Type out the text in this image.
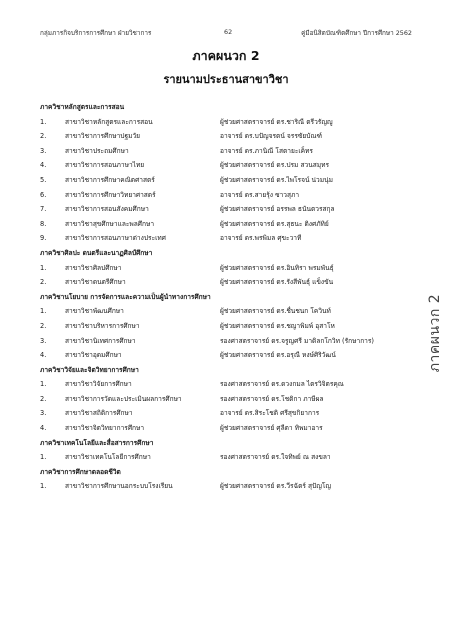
กลุ่มภารกิจบริการการศึกษา ฝ่ายวิชาการ	62	คู่มือนิสิตบัณฑิตศึกษา ปีการศึกษา 2562
ภาคผนวก 2
รายนามประธานสาขาวิชา
ภาควิชาหลักสูตรและการสอน
1.	สาขาวิชาหลักสูตรและการสอน	ผู้ช่วยศาสตราจารย์ ดร.ชาริณี ตรีวรัญญู
2.	สาขาวิชาการศึกษาปฐมวัย	อาจารย์ ดร.บปัญจรตน์ จรรซัยบัณฑ์
3.	สาขาวิชาประถมศึกษา	อาจารย์ ดร.ภานิณี โสตายะเค็ทร
4.	สาขาวิชาการสอนภาษาไทย	ผู้ช่วยศาสตราจารย์ ดร.ปรม สวนสมุทร
5.	สาขาวิชาการศึกษาคณิตศาสตร์	ผู้ช่วยศาสตราจารย์ ดร.ไพโรจน์ น่วมนุ่ม
6.	สาขาวิชาการศึกษาวิทยาศาสตร์	อาจารย์ ดร.สายรุ้ง ซาวสุภา
7.	สาขาวิชาการสอนสังคมศึกษา	ผู้ช่วยศาสตราจารย์ อรรพล ธนันตวรสกุล
8.	สาขาวิชาสุขศึกษาและพลศึกษา	ผู้ช่วยศาสตราจารย์ ดร.สุธนะ ติงศภัทิย์
9.	สาขาวิชาการสอนภาษาต่างประเทศ	อาจารย์ ดร.พรพิมล ศุขะวาที
ภาควิชาศิลปะ ดนตรีและนาฏศิลป์ศึกษา
1.	สาขาวิชาศิลปศึกษา	ผู้ช่วยศาสตราจารย์ ดร.อินทิรา พรมพันธุ์
2.	สาขาวิชาดนตรีศึกษา	ผู้ช่วยศาสตราจารย์ ดร.รังสีพันธุ์ แข็งขัน
ภาควิชานโยบาย การจัดการและความเป็นผู้นำทางการศึกษา
1.	สาขาวิชาพัฒนศึกษา	ผู้ช่วยศาสตราจารย์ ดร.ชื่นชนก โควินท์
2.	สาขาวิชาบริหารการศึกษา	ผู้ช่วยศาสตราจารย์ ดร.ชญาพิมพ์ อุสาโห
3.	สาขาวิชานิเทศการศึกษา	รองศาสตราจารย์ ดร.จรูญศรี มาดิลกโกวิท (รักษาการ)
4.	สาขาวิชาอุดมศึกษา	ผู้ช่วยศาสตราจารย์ ดร.อรุณี หงษ์ศิริวัฒน์
ภาควิชาวิจัยและจิตวิทยาการศึกษา
1.	สาขาวิชาวิจัยการศึกษา	รองศาสตราจารย์ ดร.ดวงกมล ไตรวิจิตรคุณ
2.	สาขาวิชาการวัดและประเมินผลการศึกษา	รองศาสตราจารย์ ดร.โชติกา ภาษีผล
3.	สาขาวิชาสถิติการศึกษา	อาจารย์ ดร.สิระโชติ ศรีสุขกิยาการ
4.	สาขาวิชาจิตวิทยาการศึกษา	ผู้ช่วยศาสตราจารย์ ศุลีตา ทิพมาอาร
ภาควิชาเทคโนโลยีและสื่อสารการศึกษา
1.	สาขาวิชาเทคโนโลยีการศึกษา	รองศาสตราจารย์ ดร.ใจทิพย์ ณ สงขลา
ภาควิชาการศึกษาตลอดชีวิต
1.	สาขาวิชาการศึกษานอกระบบโรงเรียน	ผู้ช่วยศาสตราจารย์ ดร.วีรฉัตร์ สุปัญโญ
ภาคผนวก 2
